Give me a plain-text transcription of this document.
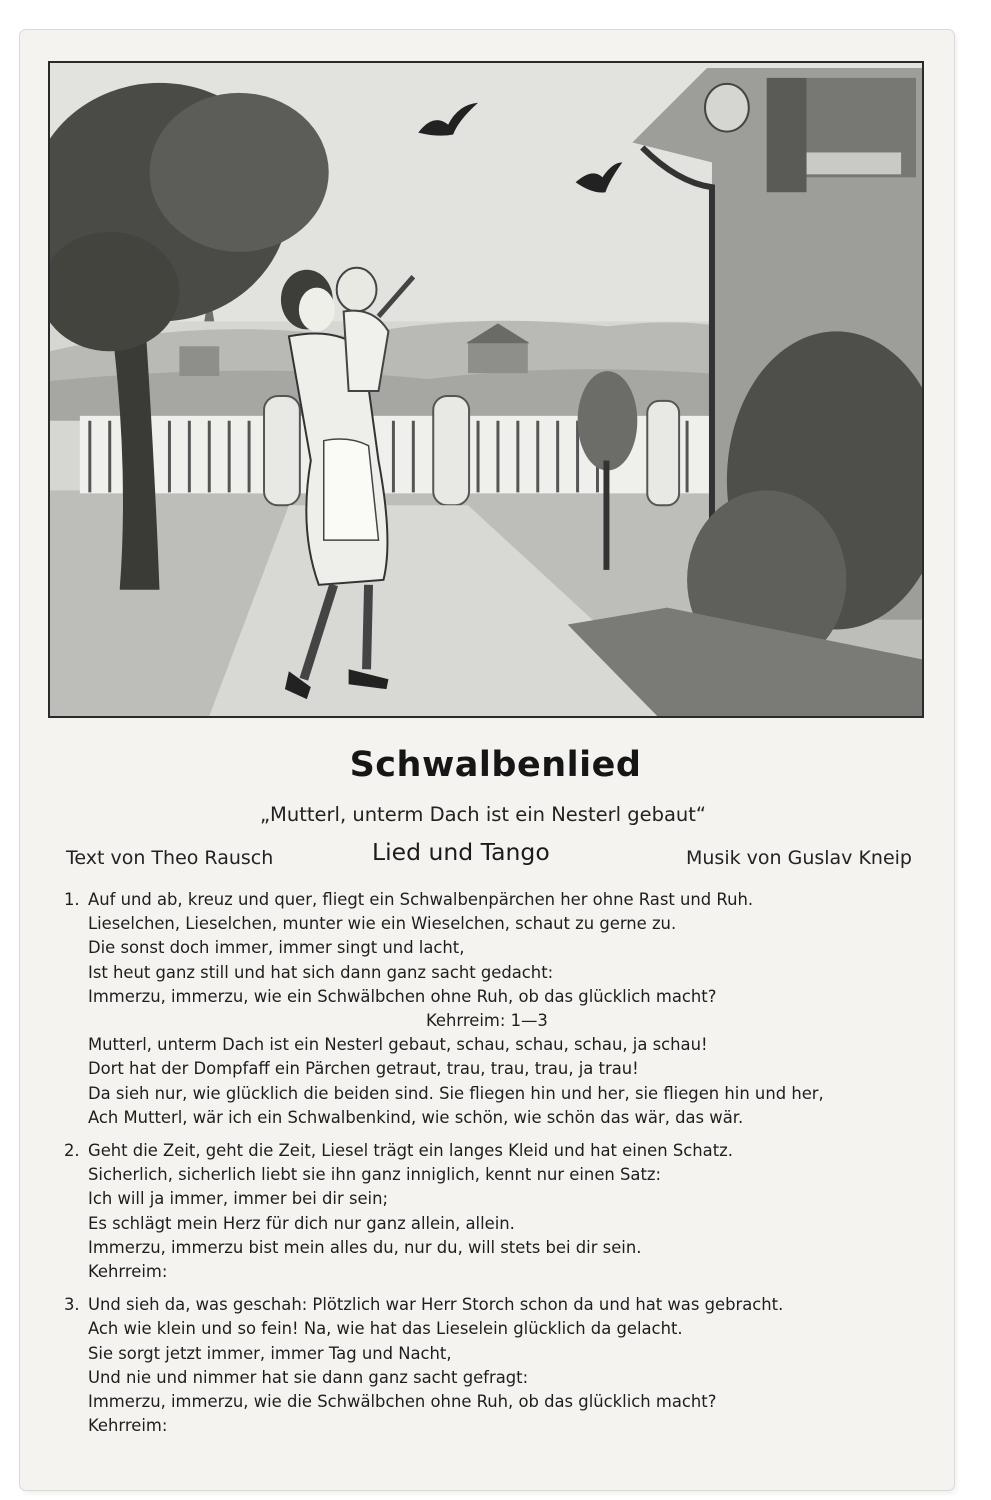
Schwalbenlied
„Mutterl, unterm Dach ist ein Nesterl gebaut“
Text von Theo Rausch	Lied und Tango	Musik von Guslav Kneip
1. Auf und ab, kreuz und quer, fliegt ein Schwalbenpärchen her ohne Rast und Ruh.
Lieselchen, Lieselchen, munter wie ein Wieselchen, schaut zu gerne zu.
Die sonst doch immer, immer singt und lacht,
Ist heut ganz still und hat sich dann ganz sacht gedacht:
Immerzu, immerzu, wie ein Schwälbchen ohne Ruh, ob das glücklich macht?
Kehrreim: 1—3
Mutterl, unterm Dach ist ein Nesterl gebaut, schau, schau, schau, ja schau!
Dort hat der Dompfaff ein Pärchen getraut, trau, trau, trau, ja trau!
Da sieh nur, wie glücklich die beiden sind. Sie fliegen hin und her, sie fliegen hin und her,
Ach Mutterl, wär ich ein Schwalbenkind, wie schön, wie schön das wär, das wär.
2. Geht die Zeit, geht die Zeit, Liesel trägt ein langes Kleid und hat einen Schatz.
Sicherlich, sicherlich liebt sie ihn ganz inniglich, kennt nur einen Satz:
Ich will ja immer, immer bei dir sein;
Es schlägt mein Herz für dich nur ganz allein, allein.
Immerzu, immerzu bist mein alles du, nur du, will stets bei dir sein.
Kehrreim:
3. Und sieh da, was geschah: Plötzlich war Herr Storch schon da und hat was gebracht.
Ach wie klein und so fein! Na, wie hat das Lieselein glücklich da gelacht.
Sie sorgt jetzt immer, immer Tag und Nacht,
Und nie und nimmer hat sie dann ganz sacht gefragt:
Immerzu, immerzu, wie die Schwälbchen ohne Ruh, ob das glücklich macht?
Kehrreim:
